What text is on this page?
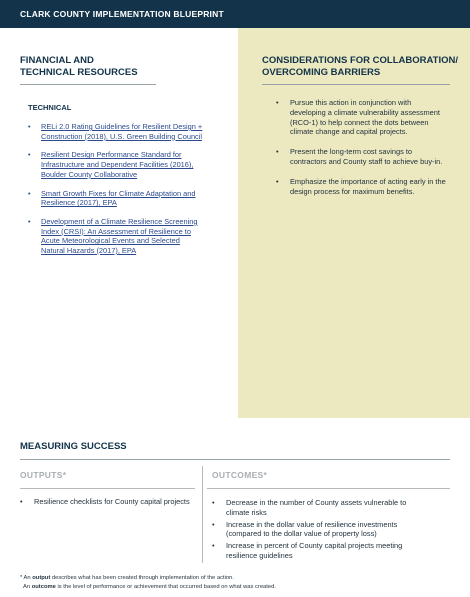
CLARK COUNTY IMPLEMENTATION BLUEPRINT
FINANCIAL AND
TECHNICAL RESOURCES
TECHNICAL
• RELi 2.0 Rating Guidelines for Resilient Design + Construction (2018), U.S. Green Building Council
• Resilient Design Performance Standard for Infrastructure and Dependent Facilities (2016), Boulder County Collaborative
• Smart Growth Fixes for Climate Adaptation and Resilience (2017), EPA
• Development of a Climate Resilience Screening Index (CRSI): An Assessment of Resilience to Acute Meteorological Events and Selected Natural Hazards (2017), EPA
CONSIDERATIONS FOR COLLABORATION/
OVERCOMING BARRIERS
• Pursue this action in conjunction with developing a climate vulnerability assessment (RCO-1) to help connect the dots between climate change and capital projects.
• Present the long-term cost savings to contractors and County staff to achieve buy-in.
• Emphasize the importance of acting early in the design process for maximum benefits.
MEASURING SUCCESS
OUTPUTS*	OUTCOMES*
• Resilience checklists for County capital projects	• Decrease in the number of County assets vulnerable to climate risks
• Increase in the dollar value of resilience investments (compared to the dollar value of property loss)
• Increase in percent of County capital projects meeting resilience guidelines
* An output describes what has been created through implementation of the action.
An outcome is the level of performance or achievement that occurred based on what was created.
